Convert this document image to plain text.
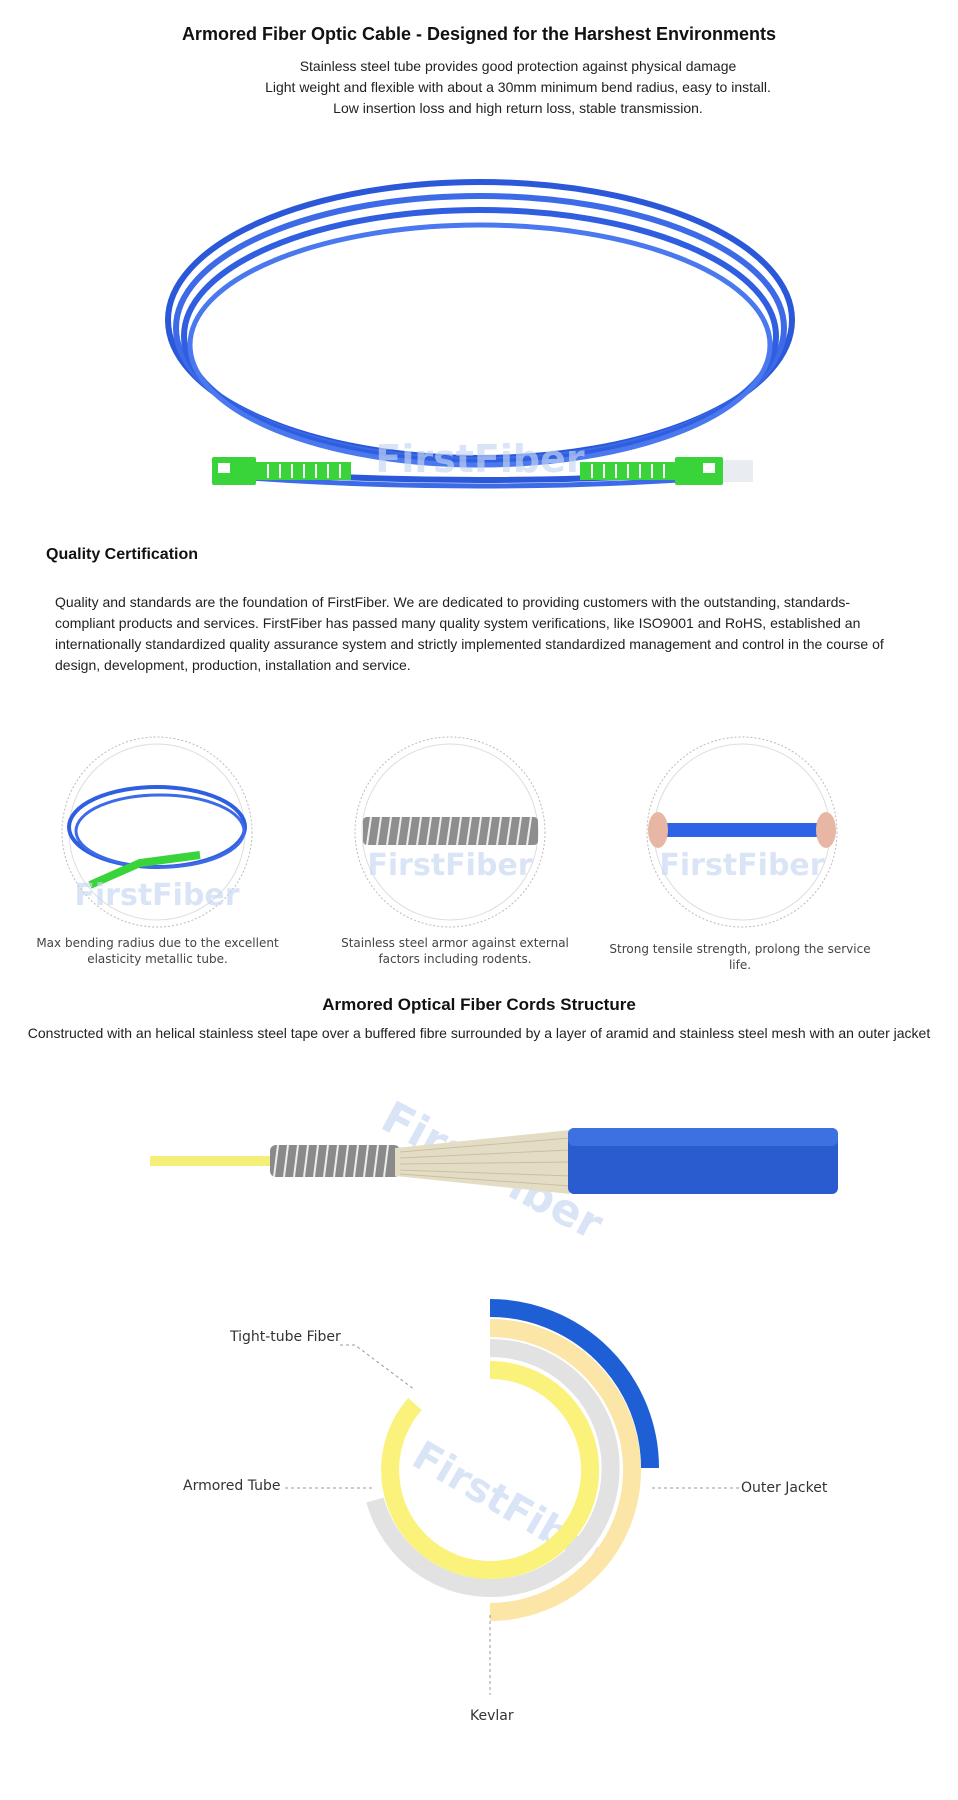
Armored Fiber Optic Cable - Designed for the Harshest Environments
Stainless steel tube provides good protection against physical damage
Light weight and flexible with about a 30mm minimum bend radius, easy to install.
Low insertion loss and high return loss, stable transmission.
FirstFiber
Quality Certification
Quality and standards are the foundation of FirstFiber. We are dedicated to providing customers with the outstanding, standards-compliant products and services. FirstFiber has passed many quality system verifications, like ISO9001 and RoHS, established an internationally standardized quality assurance system and strictly implemented standardized management and control in the course of design, development, production, installation and service.
FirstFiber
Max bending radius due to the excellent elasticity metallic tube.
FirstFiber
Stainless steel armor against external factors including rodents.
FirstFiber
Strong tensile strength, prolong the service life.
Armored Optical Fiber Cords Structure
Constructed with an helical stainless steel tape over a buffered fibre surrounded by a layer of aramid and stainless steel mesh with an outer jacket
FirstFiber
Tight-tube Fiber
Armored Tube	Outer Jacket
Kevlar
